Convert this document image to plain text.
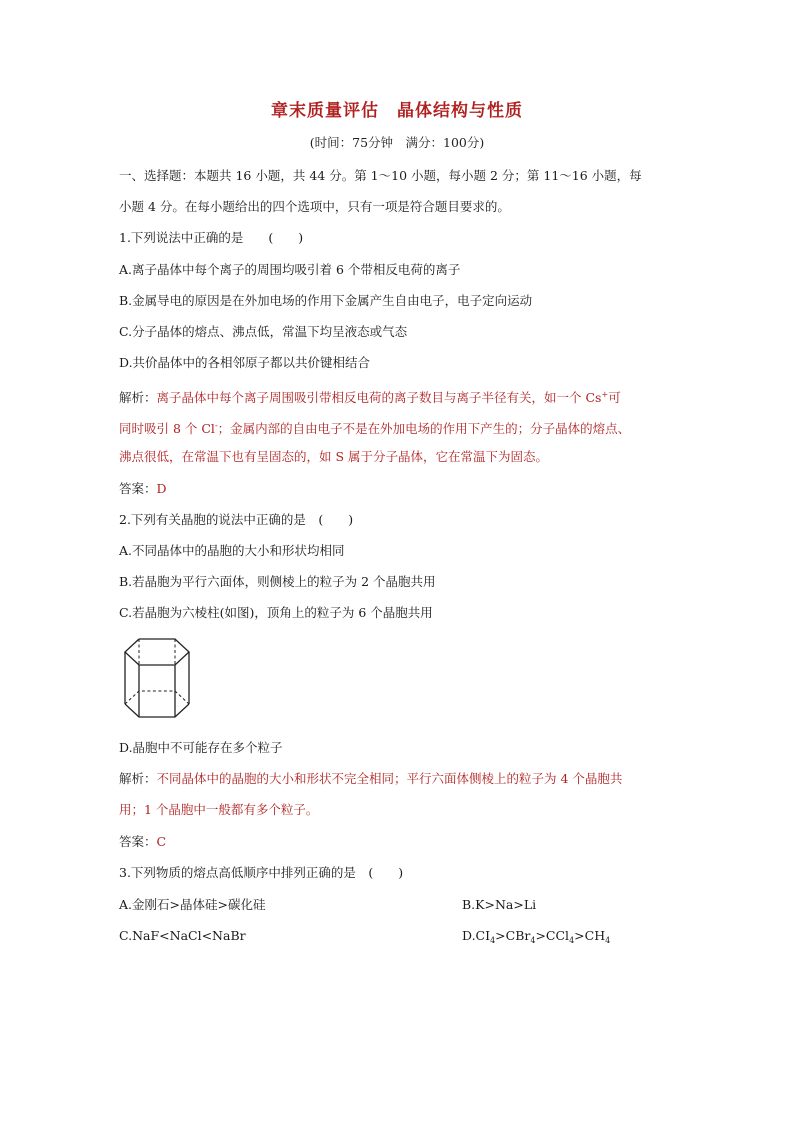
章末质量评估　晶体结构与性质
(时间：75分钟　满分：100分)
一、选择题：本题共 16 小题，共 44 分。第 1～10 小题，每小题 2 分；第 11～16 小题，每
小题 4 分。在每小题给出的四个选项中，只有一项是符合题目要求的。
1.下列说法中正确的是　　(　　)
A.离子晶体中每个离子的周围均吸引着 6 个带相反电荷的离子
B.金属导电的原因是在外加电场的作用下金属产生自由电子，电子定向运动
C.分子晶体的熔点、沸点低，常温下均呈液态或气态
D.共价晶体中的各相邻原子都以共价键相结合
解析：离子晶体中每个离子周围吸引带相反电荷的离子数目与离子半径有关，如一个 Cs+可
同时吸引 8 个 Cl-；金属内部的自由电子不是在外加电场的作用下产生的；分子晶体的熔点、
沸点很低，在常温下也有呈固态的，如 S 属于分子晶体，它在常温下为固态。
答案：D
2.下列有关晶胞的说法中正确的是　(　　)
A.不同晶体中的晶胞的大小和形状均相同
B.若晶胞为平行六面体，则侧棱上的粒子为 2 个晶胞共用
C.若晶胞为六棱柱(如图)，顶角上的粒子为 6 个晶胞共用
D.晶胞中不可能存在多个粒子
解析：不同晶体中的晶胞的大小和形状不完全相同；平行六面体侧棱上的粒子为 4 个晶胞共
用；1 个晶胞中一般都有多个粒子。
答案：C
3.下列物质的熔点高低顺序中排列正确的是　(　　)
A.金刚石>晶体硅>碳化硅	B.K>Na>Li
C.NaF<NaCl<NaBr	$D.CI_4>CBr_4>CCl_4>CH_4$
